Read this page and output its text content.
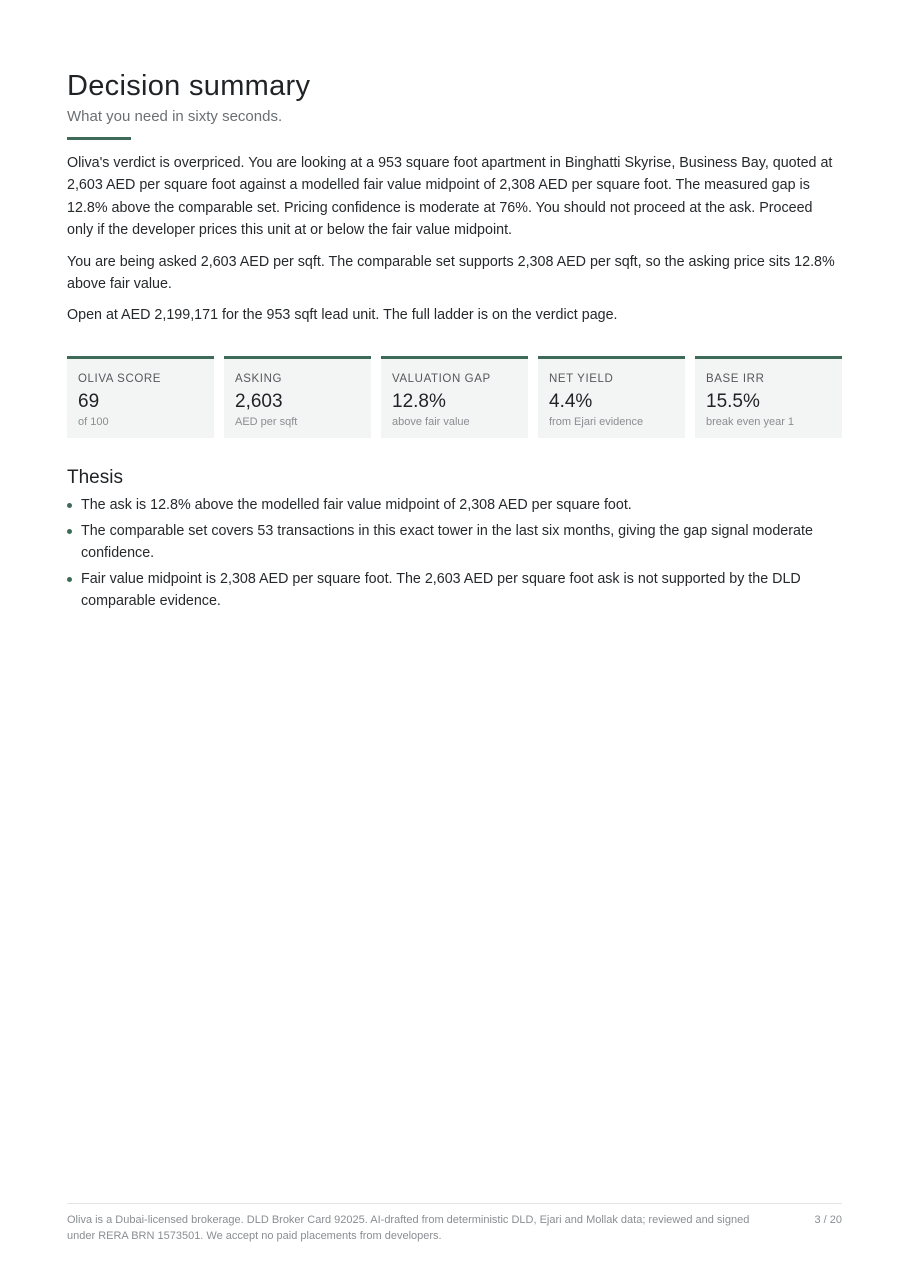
Decision summary

What you need in sixty seconds.

Oliva's verdict is overpriced. You are looking at a 953 square foot apartment in Binghatti Skyrise, Business Bay, quoted at 2,603 AED per square foot against a modelled fair value midpoint of 2,308 AED per square foot. The measured gap is 12.8% above the comparable set. Pricing confidence is moderate at 76%. You should not proceed at the ask. Proceed only if the developer prices this unit at or below the fair value midpoint.

You are being asked 2,603 AED per sqft. The comparable set supports 2,308 AED per sqft, so the asking price sits 12.8% above fair value.

Open at AED 2,199,171 for the 953 sqft lead unit. The full ladder is on the verdict page.

OLIVA SCORE
69
of 100
ASKING
2,603
AED per sqft
VALUATION GAP
12.8%
above fair value
NET YIELD
4.4%
from Ejari evidence
BASE IRR
15.5%
break even year 1
Thesis
The ask is 12.8% above the modelled fair value midpoint of 2,308 AED per square foot.
The comparable set covers 53 transactions in this exact tower in the last six months, giving the gap signal moderate confidence.
Fair value midpoint is 2,308 AED per square foot. The 2,603 AED per square foot ask is not supported by the DLD comparable evidence.

Oliva is a Dubai-licensed brokerage. DLD Broker Card 92025. AI-drafted from deterministic DLD, Ejari and Mollak data; reviewed and signed under RERA BRN 1573501. We accept no paid placements from developers.

3 / 20
